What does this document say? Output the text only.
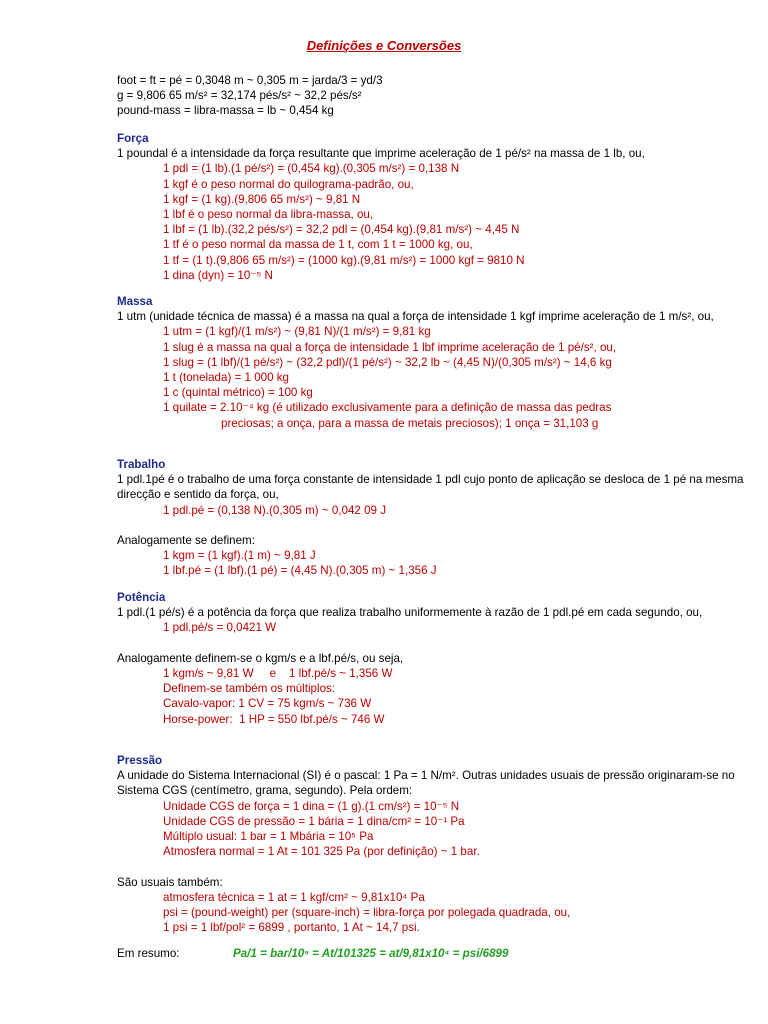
Definições e Conversões
foot = ft = pé = 0,3048 m ~ 0,305 m = jarda/3 = yd/3
g = 9,806 65 m/s² = 32,174 pés/s² ~ 32,2 pés/s²
pound-mass = libra-massa = lb ~ 0,454 kg
Força
1 poundal é a intensidade da força resultante que imprime aceleração de 1 pé/s² na massa de 1 lb, ou,
1 pdl = (1 lb).(1 pé/s²) = (0,454 kg).(0,305 m/s²) = 0,138 N
1 kgf é o peso normal do quilograma-padrão, ou,
1 kgf = (1 kg).(9,806 65 m/s²) ~ 9,81 N
1 lbf é o peso normal da libra-massa, ou,
1 lbf = (1 lb).(32,2 pés/s²) = 32,2 pdl = (0,454 kg).(9,81 m/s²) ~ 4,45 N
1 tf é o peso normal da massa de 1 t, com 1 t = 1000 kg, ou,
1 tf = (1 t).(9,806 65 m/s²) = (1000 kg).(9,81 m/s²) = 1000 kgf = 9810 N
1 dina (dyn) = 10⁻⁵ N
Massa
1 utm (unidade técnica de massa) é a massa na qual a força de intensidade 1 kgf imprime aceleração de 1 m/s², ou,
1 utm = (1 kgf)/(1 m/s²) ~ (9,81 N)/(1 m/s²) = 9,81 kg
1 slug é a massa na qual a força de intensidade 1 lbf imprime aceleração de 1 pé/s², ou,
1 slug = (1 lbf)/(1 pé/s²) ~ (32,2 pdl)/(1 pé/s²) ~ 32,2 lb ~ (4,45 N)/(0,305 m/s²) ~ 14,6 kg
1 t (tonelada) = 1 000 kg
1 c (quintal métrico) = 100 kg
1 quilate = 2.10⁻⁴ kg (é utilizado exclusivamente para a definição de massa das pedras
preciosas; a onça, para a massa de metais preciosos); 1 onça = 31,103 g
Trabalho
1 pdl.1pé é o trabalho de uma força constante de intensidade 1 pdl cujo ponto de aplicação se desloca de 1 pé na mesma direcção e sentido da força, ou,
1 pdl.pé = (0,138 N).(0,305 m) ~ 0,042 09 J
Analogamente se definem:
1 kgm = (1 kgf).(1 m) ~ 9,81 J
1 lbf.pé = (1 lbf).(1 pé) = (4,45 N).(0,305 m) ~ 1,356 J
Potência
1 pdl.(1 pé/s) é a potência da força que realiza trabalho uniformemente à razão de 1 pdl.pé em cada segundo, ou,
1 pdl.pé/s = 0,0421 W
Analogamente definem-se o kgm/s e a lbf.pé/s, ou seja,
1 kgm/s ~ 9,81 W     e    1 lbf.pé/s ~ 1,356 W
Definem-se também os múltiplos:
Cavalo-vapor: 1 CV = 75 kgm/s ~ 736 W
Horse-power:  1 HP = 550 lbf.pé/s ~ 746 W
Pressão
A unidade do Sistema Internacional (SI) é o pascal: 1 Pa = 1 N/m². Outras unidades usuais de pressão originaram-se no Sistema CGS (centímetro, grama, segundo). Pela ordem:
Unidade CGS de força = 1 dina = (1 g).(1 cm/s²) = 10⁻⁵ N
Unidade CGS de pressão = 1 bária = 1 dina/cm² = 10⁻¹ Pa
Múltiplo usual: 1 bar = 1 Mbária = 10⁵ Pa
Atmosfera normal = 1 At = 101 325 Pa (por definição) ~ 1 bar.
São usuais também:
atmosfera técnica = 1 at = 1 kgf/cm² ~ 9,81x10⁴ Pa
psi = (pound-weight) per (square-inch) = libra-força por polegada quadrada, ou,
1 psi = 1 lbf/pol² = 6899 , portanto, 1 At ~ 14,7 psi.
Em resumo:	Pa/1 = bar/10⁵ = At/101325 = at/9,81x10⁴ = psi/6899
